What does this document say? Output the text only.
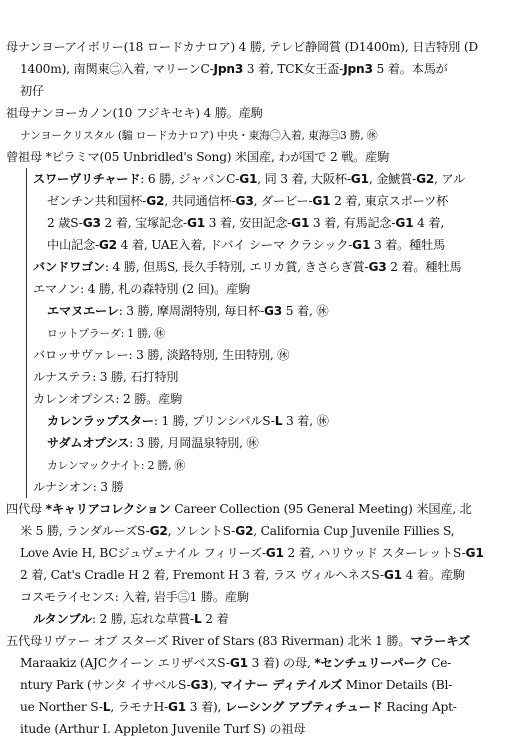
母ナンヨーアイボリー(18 ロードカナロア) 4 勝, テレビ静岡賞 (D1400m), 日吉特別 (D
1400m), 南関東㊁入着, マリーンC-Jpn3 3 着, TCK女王盃-Jpn3 5 着。本馬が
初仔
祖母ナンヨーカノン(10 フジキセキ) 4 勝。産駒
ナンヨークリスタル (騸 ロードカナロア) 中央・東海㊁入着, 東海㊂3 勝, ㊡
曾祖母 *ピラミマ(05 Unbridled's Song) 米国産, わが国で 2 戦。産駒
スワーヴリチャード: 6 勝, ジャパンC-G1, 同 3 着, 大阪杯-G1, 金鯱賞-G2, アル
ゼンチン共和国杯-G2, 共同通信杯-G3, ダービー-G1 2 着, 東京スポーツ杯
2 歳S-G3 2 着, 宝塚記念-G1 3 着, 安田記念-G1 3 着, 有馬記念-G1 4 着,
中山記念-G2 4 着, UAE入着, ドバイ シーマ クラシック-G1 3 着。種牡馬
バンドワゴン: 4 勝, 但馬S, 長久手特別, エリカ賞, きさらぎ賞-G3 2 着。種牡馬
エマノン: 4 勝, 札の森特別 (2 回)。産駒
エマヌエーレ: 3 勝, 摩周湖特別, 毎日杯-G3 5 着, ㊡
ロットプラーダ: 1 勝, ㊡
バロッサヴァレー: 3 勝, 淡路特別, 生田特別, ㊡
ルナステラ: 3 勝, 石打特別
カレンオプシス: 2 勝。産駒
カレンラップスター: 1 勝, プリンシパルS-L 3 着, ㊡
サダムオプシス: 3 勝, 月岡温泉特別, ㊡
カレンマックナイト: 2 勝, ㊡
ルナシオン: 3 勝
四代母 *キャリアコレクション Career Collection (95 General Meeting) 米国産, 北
米 5 勝, ランダルーズS-G2, ソレントS-G2, California Cup Juvenile Fillies S,
Love Avie H, BCジュヴェナイル フィリーズ-G1 2 着, ハリウッド スターレットS-G1
2 着, Cat's Cradle H 2 着, Fremont H 3 着, ラス ヴィルヘネスS-G1 4 着。産駒
コスモライセンス: 入着, 岩手㊂1 勝。産駒
ルタンブル: 2 勝, 忘れな草賞-L 2 着
五代母リヴァー オブ スターズ River of Stars (83 Riverman) 北米 1 勝。マラーキズ
Maraakiz (AJCクイーン エリザベスS-G1 3 着) の母, *センチュリーパーク Ce-
ntury Park (サンタ イサベルS-G3), マイナー ディテイルズ Minor Details (Bl-
ue Norther S-L, ラモナH-G1 3 着), レーシング アプティチュード Racing Apt-
itude (Arthur I. Appleton Juvenile Turf S) の祖母
